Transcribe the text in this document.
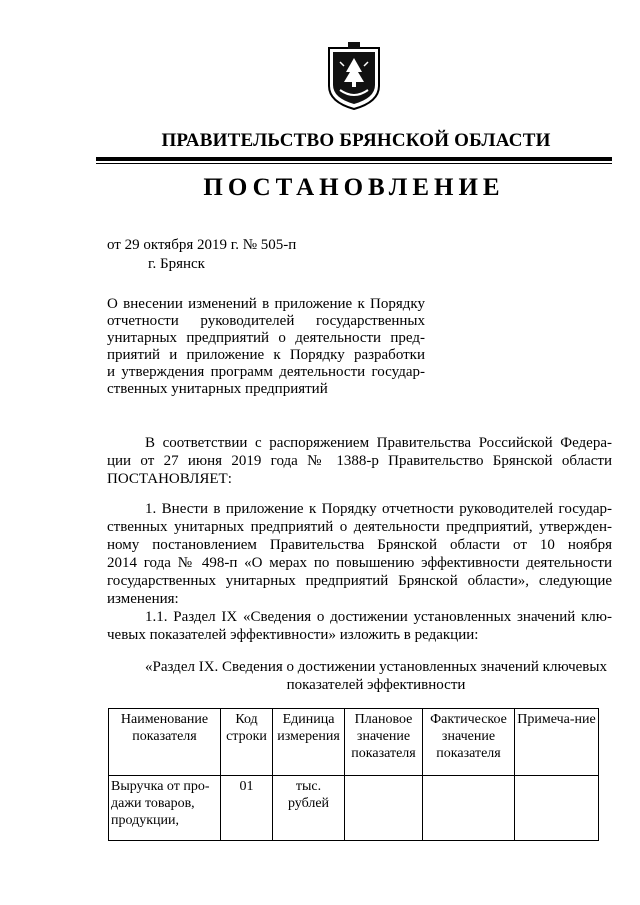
ПРАВИТЕЛЬСТВО БРЯНСКОЙ ОБЛАСТИ
ПОСТАНОВЛЕНИЕ
от 29 октября 2019 г. № 505-п
г. Брянск
О внесении изменений в приложение к Порядку
отчетности руководителей государственных
унитарных предприятий о деятельности пред-
приятий и приложение к Порядку разработки
и утверждения программ деятельности государ-
ственных унитарных предприятий
В соответствии с распоряжением Правительства Российской Федера-
ции от 27 июня 2019 года № 1388-р Правительство Брянской области
ПОСТАНОВЛЯЕТ:
1. Внести в приложение к Порядку отчетности руководителей государ-
ственных унитарных предприятий о деятельности предприятий, утвержден-
ному постановлением Правительства Брянской области от 10 ноября
2014 года № 498-п «О мерах по повышению эффективности деятельности
государственных унитарных предприятий Брянской области», следующие
изменения:
1.1. Раздел IX «Сведения о достижении установленных значений клю-
чевых показателей эффективности» изложить в редакции:
«Раздел IX. Сведения о достижении установленных значений ключевых
показателей эффективности
Наименование показателя	Код строки	Единица измерения	Плановое значение показателя	Фактическое значение показателя	Примеча-ние
Выручка от про-дажи товаров, продукции,	01	тыс. рублей			
